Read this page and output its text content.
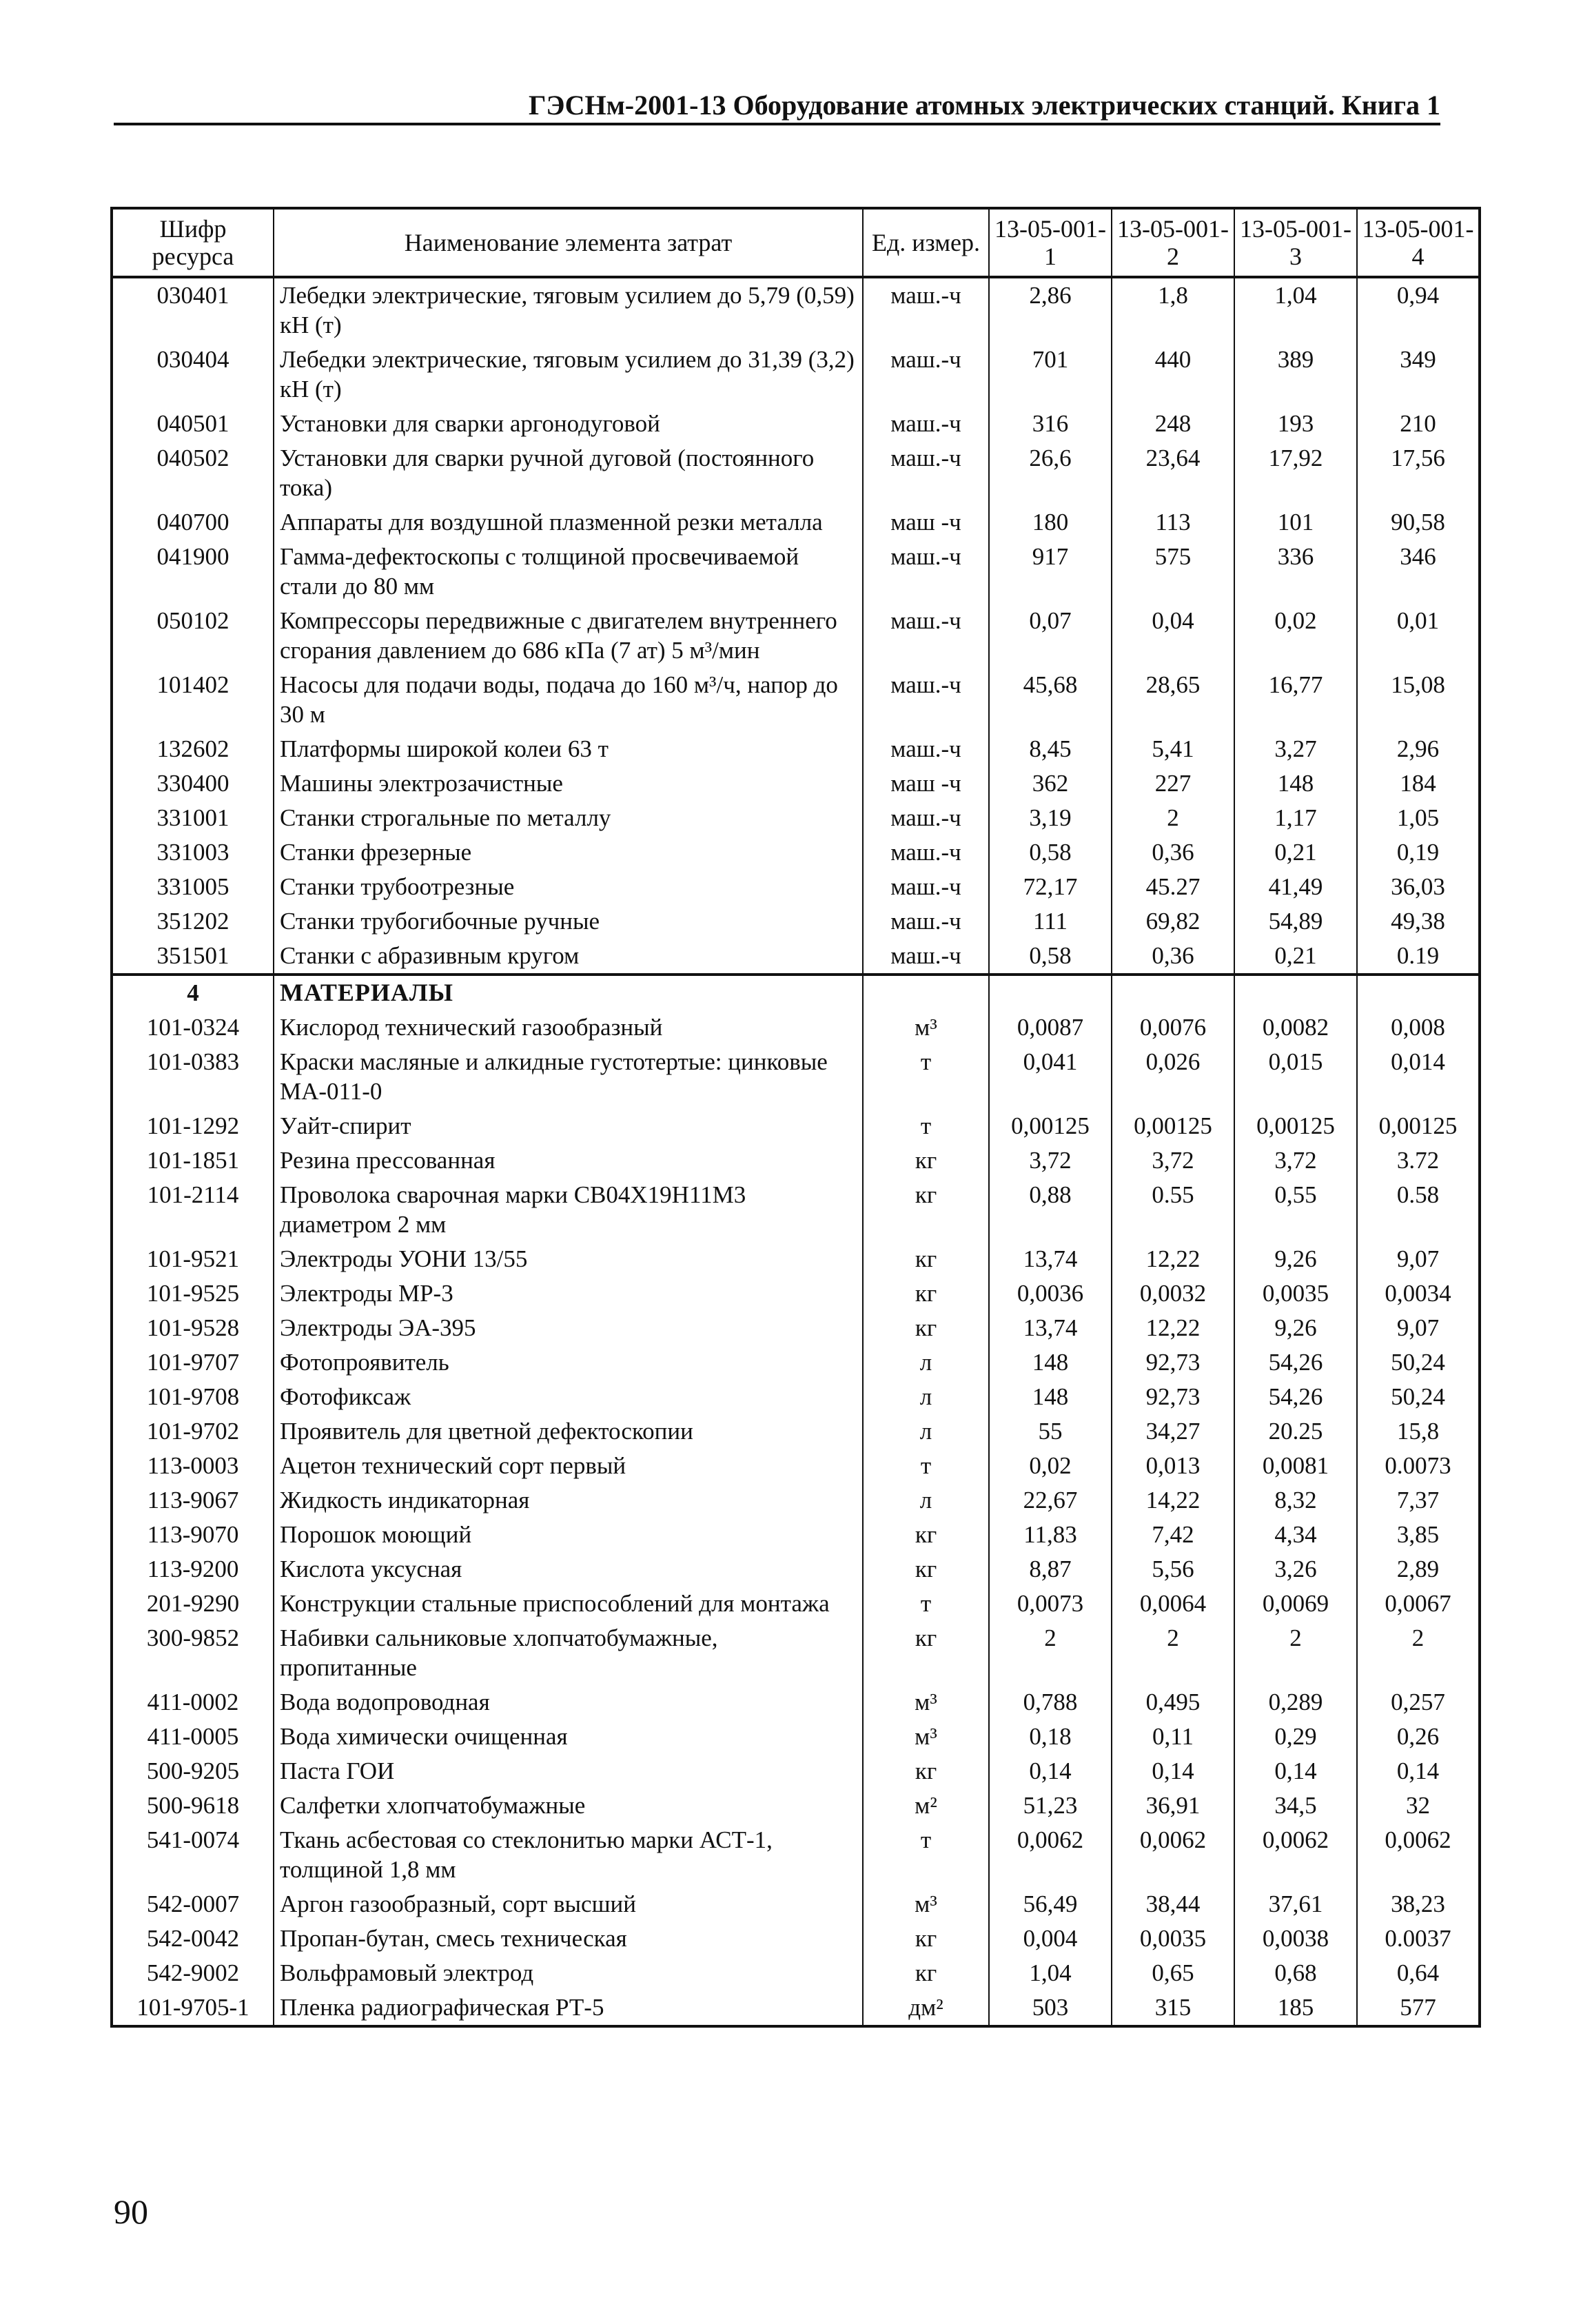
ГЭСНм-2001-13 Оборудование атомных электрических станций. Книга 1
Шифр ресурса	Наименование элемента затрат	Ед. измер.	13-05-001-1	13-05-001-2	13-05-001-3	13-05-001-4
030401	Лебедки электрические, тяговым усилием до 5,79 (0,59) кН (т)	маш.-ч	2,86	1,8	1,04	0,94
030404	Лебедки электрические, тяговым усилием до 31,39 (3,2) кН (т)	маш.-ч	701	440	389	349
040501	Установки для сварки аргонодуговой	маш.-ч	316	248	193	210
040502	Установки для сварки ручной дуговой (постоянного тока)	маш.-ч	26,6	23,64	17,92	17,56
040700	Аппараты для воздушной плазменной резки металла	маш -ч	180	113	101	90,58
041900	Гамма-дефектоскопы с толщиной просвечиваемой стали до 80 мм	маш.-ч	917	575	336	346
050102	Компрессоры передвижные с двигателем внутреннего сгорания давлением до 686 кПа (7 ат) 5 м³/мин	маш.-ч	0,07	0,04	0,02	0,01
101402	Насосы для подачи воды, подача до 160 м³/ч, напор до 30 м	маш.-ч	45,68	28,65	16,77	15,08
132602	Платформы широкой колеи 63 т	маш.-ч	8,45	5,41	3,27	2,96
330400	Машины электрозачистные	маш -ч	362	227	148	184
331001	Станки строгальные по металлу	маш.-ч	3,19	2	1,17	1,05
331003	Станки фрезерные	маш.-ч	0,58	0,36	0,21	0,19
331005	Станки трубоотрезные	маш.-ч	72,17	45.27	41,49	36,03
351202	Станки трубогибочные ручные	маш.-ч	111	69,82	54,89	49,38
351501	Станки с абразивным кругом	маш.-ч	0,58	0,36	0,21	0.19
4	МАТЕРИАЛЫ					
101-0324	Кислород технический газообразный	м³	0,0087	0,0076	0,0082	0,008
101-0383	Краски масляные и алкидные густотертые: цинковые МА-011-0	т	0,041	0,026	0,015	0,014
101-1292	Уайт-спирит	т	0,00125	0,00125	0,00125	0,00125
101-1851	Резина прессованная	кг	3,72	3,72	3,72	3.72
101-2114	Проволока сварочная марки СВ04Х19Н11М3 диаметром 2 мм	кг	0,88	0.55	0,55	0.58
101-9521	Электроды УОНИ 13/55	кг	13,74	12,22	9,26	9,07
101-9525	Электроды МР-3	кг	0,0036	0,0032	0,0035	0,0034
101-9528	Электроды ЭА-395	кг	13,74	12,22	9,26	9,07
101-9707	Фотопроявитель	л	148	92,73	54,26	50,24
101-9708	Фотофиксаж	л	148	92,73	54,26	50,24
101-9702	Проявитель для цветной дефектоскопии	л	55	34,27	20.25	15,8
113-0003	Ацетон технический сорт первый	т	0,02	0,013	0,0081	0.0073
113-9067	Жидкость индикаторная	л	22,67	14,22	8,32	7,37
113-9070	Порошок моющий	кг	11,83	7,42	4,34	3,85
113-9200	Кислота уксусная	кг	8,87	5,56	3,26	2,89
201-9290	Конструкции стальные приспособлений для монтажа	т	0,0073	0,0064	0,0069	0,0067
300-9852	Набивки сальниковые хлопчатобумажные, пропитанные	кг	2	2	2	2
411-0002	Вода водопроводная	м³	0,788	0,495	0,289	0,257
411-0005	Вода химически очищенная	м³	0,18	0,11	0,29	0,26
500-9205	Паста ГОИ	кг	0,14	0,14	0,14	0,14
500-9618	Салфетки хлопчатобумажные	м²	51,23	36,91	34,5	32
541-0074	Ткань асбестовая со стеклонитью марки АСТ-1, толщиной 1,8 мм	т	0,0062	0,0062	0,0062	0,0062
542-0007	Аргон газообразный, сорт высший	м³	56,49	38,44	37,61	38,23
542-0042	Пропан-бутан, смесь техническая	кг	0,004	0,0035	0,0038	0.0037
542-9002	Вольфрамовый электрод	кг	1,04	0,65	0,68	0,64
101-9705-1	Пленка радиографическая РТ-5	дм²	503	315	185	577
90
